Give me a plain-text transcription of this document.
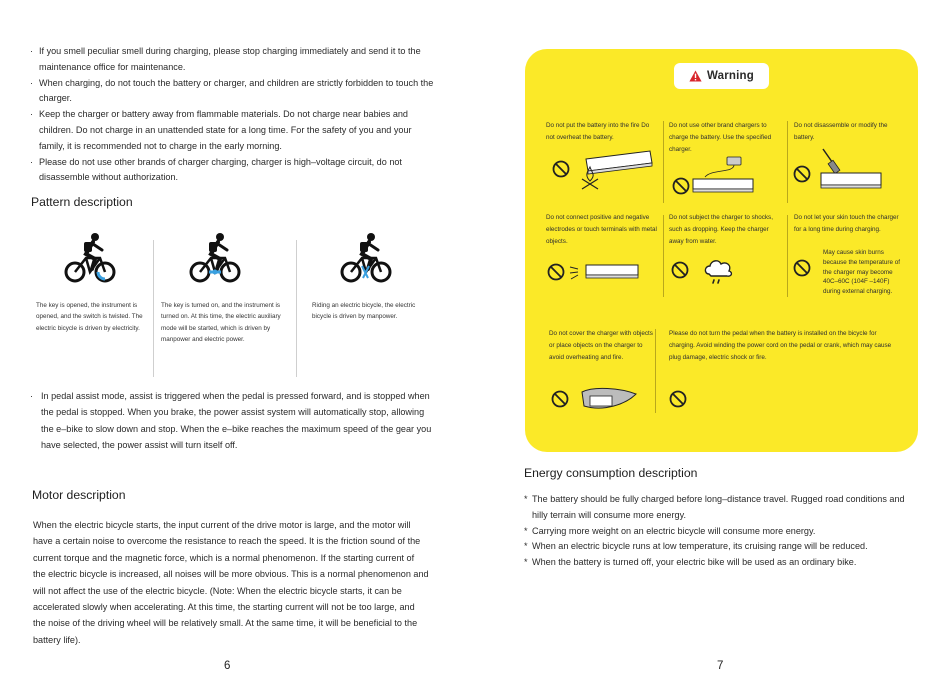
· If you smell peculiar smell during charging, please stop charging immediately and send it to the maintenance office for maintenance.
· When charging, do not touch the battery or charger, and children are strictly forbidden to touch the charger.
· Keep the charger or battery away from flammable materials. Do not charge near babies and children. Do not charge in an unattended state for a long time. For the safety of you and your family, it is recommended not to charge in the early morning.
· Please do not use other brands of charger charging, charger is high–voltage circuit, do not disassemble without authorization.
Pattern description
The key is opened, the instrument is opened, and the switch is twisted. The electric bicycle is driven by electricity.
The key is turned on, and the instrument is turned on. At this time, the electric auxiliary mode will be started, which is driven by manpower and electric power.
Riding an electric bicycle, the electric bicycle is driven by manpower.
· In pedal assist mode, assist is triggered when the pedal is pressed forward, and is stopped when the pedal is stopped. When you brake, the power assist system will automatically stop, allowing the e–bike to slow down and stop. When the e–bike reaches the maximum speed of the gear you have selected, the power assist will turn itself off.
Motor description
When the electric bicycle starts, the input current of the drive motor is large, and the motor will have a certain noise to overcome the resistance to reach the speed. It is the friction sound of the current torque and the magnetic force, which is a normal phenomenon. If the starting current of the electric bicycle is increased, all noises will be more obvious. This is a normal phenomenon and will not affect the use of the electric bicycle. (Note: When the electric bicycle starts, it can be accelerated slowly when accelerating. At this time, the starting current will not be too large, and the noise of the driving wheel will be relatively small. At the same time, it will be beneficial to the battery life).
6
Warning
Do not put the battery into the fire Do not overheat the battery.
Do not use other brand chargers to charge the battery. Use the specified charger.
Do not disassemble or modify the battery.
Do not connect positive and negative electrodes or touch terminals with metal objects.
Do not subject the charger to shocks, such as dropping. Keep the charger away from water.
Do not let your skin touch the charger for a long time during charging.
May cause skin burns because the temperature of the charger may become 40C–60C (104F –140F) during external charging.
Do not cover the charger with objects or place objects on the charger to avoid overheating and fire.
Please do not turn the pedal when the battery is installed on the bicycle for charging. Avoid winding the power cord on the pedal or crank, which may cause plug damage, electric shock or fire.
Energy consumption description
* The battery should be fully charged before long–distance travel. Rugged road conditions and hilly terrain will consume more energy.
* Carrying more weight on an electric bicycle will consume more energy.
* When an electric bicycle runs at low temperature, its cruising range will be reduced.
* When the battery is turned off, your electric bike will be used as an ordinary bike.
7
